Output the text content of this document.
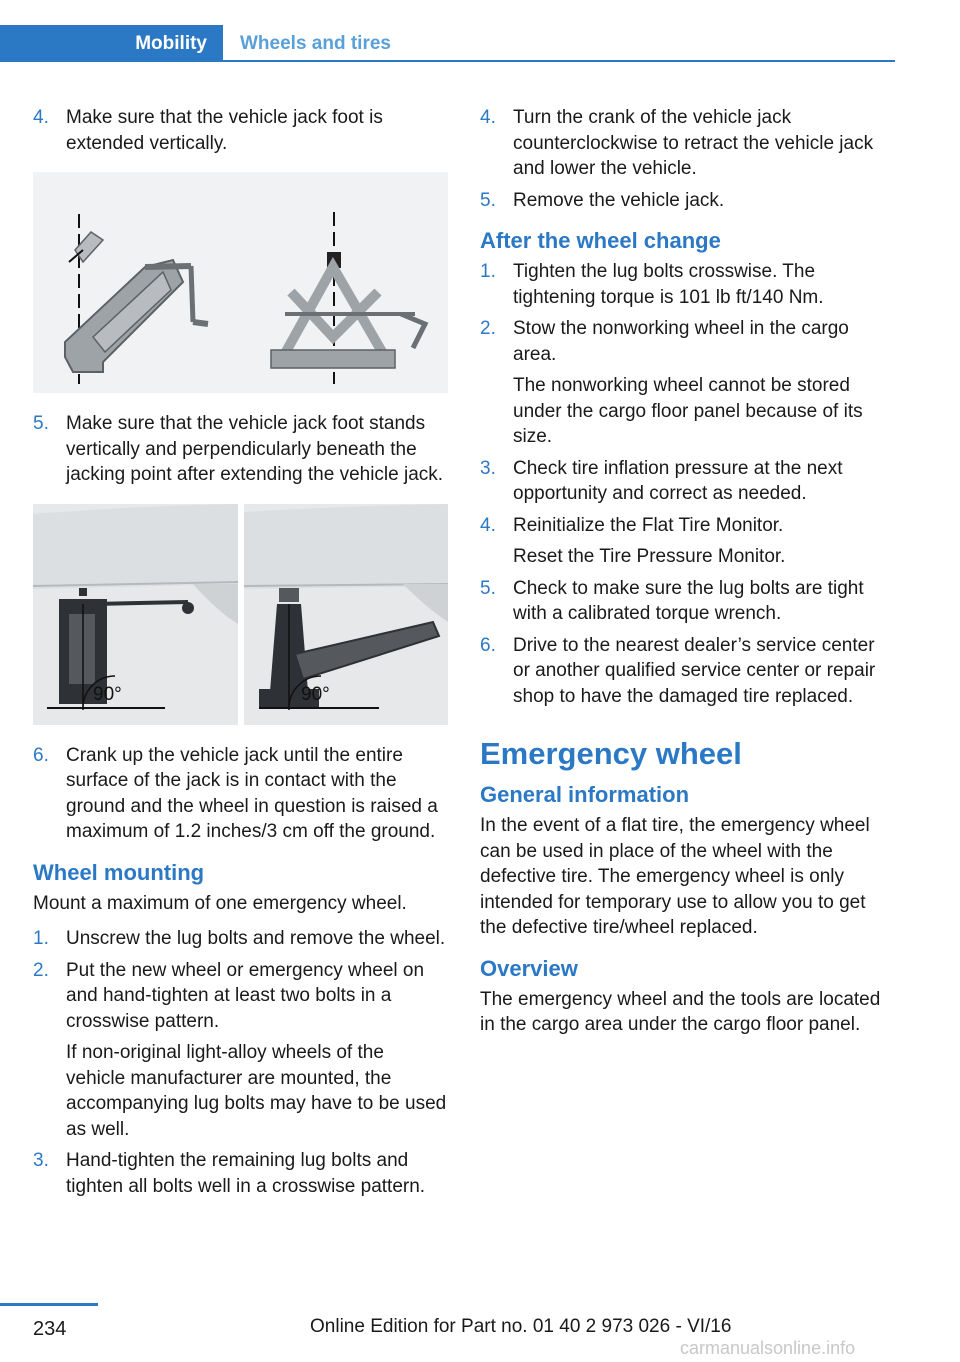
Mobility	Wheels and tires
4. Make sure that the vehicle jack foot is extended vertically.

5. Make sure that the vehicle jack foot stands vertically and perpendicularly beneath the jacking point after extending the vehicle jack.

90°	90°
6. Crank up the vehicle jack until the entire surface of the jack is in contact with the ground and the wheel in question is raised a maximum of 1.2 inches/3 cm off the ground.

Wheel mounting

Mount a maximum of one emergency wheel.

1. Unscrew the lug bolts and remove the wheel.

2. Put the new wheel or emergency wheel on and hand-tighten at least two bolts in a crosswise pattern.

If non-original light-alloy wheels of the vehicle manufacturer are mounted, the accompanying lug bolts may have to be used as well.

3. Hand-tighten the remaining lug bolts and tighten all bolts well in a crosswise pattern.

4. Turn the crank of the vehicle jack counterclockwise to retract the vehicle jack and lower the vehicle.

5. Remove the vehicle jack.

After the wheel change
1. Tighten the lug bolts crosswise. The tightening torque is 101 lb ft/140 Nm.

2. Stow the nonworking wheel in the cargo area.

The nonworking wheel cannot be stored under the cargo floor panel because of its size.

3. Check tire inflation pressure at the next opportunity and correct as needed.

4. Reinitialize the Flat Tire Monitor.

Reset the Tire Pressure Monitor.

5. Check to make sure the lug bolts are tight with a calibrated torque wrench.

6. Drive to the nearest dealer’s service center or another qualified service center or repair shop to have the damaged tire replaced.

Emergency wheel
General information

In the event of a flat tire, the emergency wheel can be used in place of the wheel with the defective tire. The emergency wheel is only intended for temporary use to allow you to get the defective tire/wheel replaced.

Overview

The emergency wheel and the tools are located in the cargo area under the cargo floor panel.

234	Online Edition for Part no. 01 40 2 973 026 - VI/16
carmanualsonline.info
